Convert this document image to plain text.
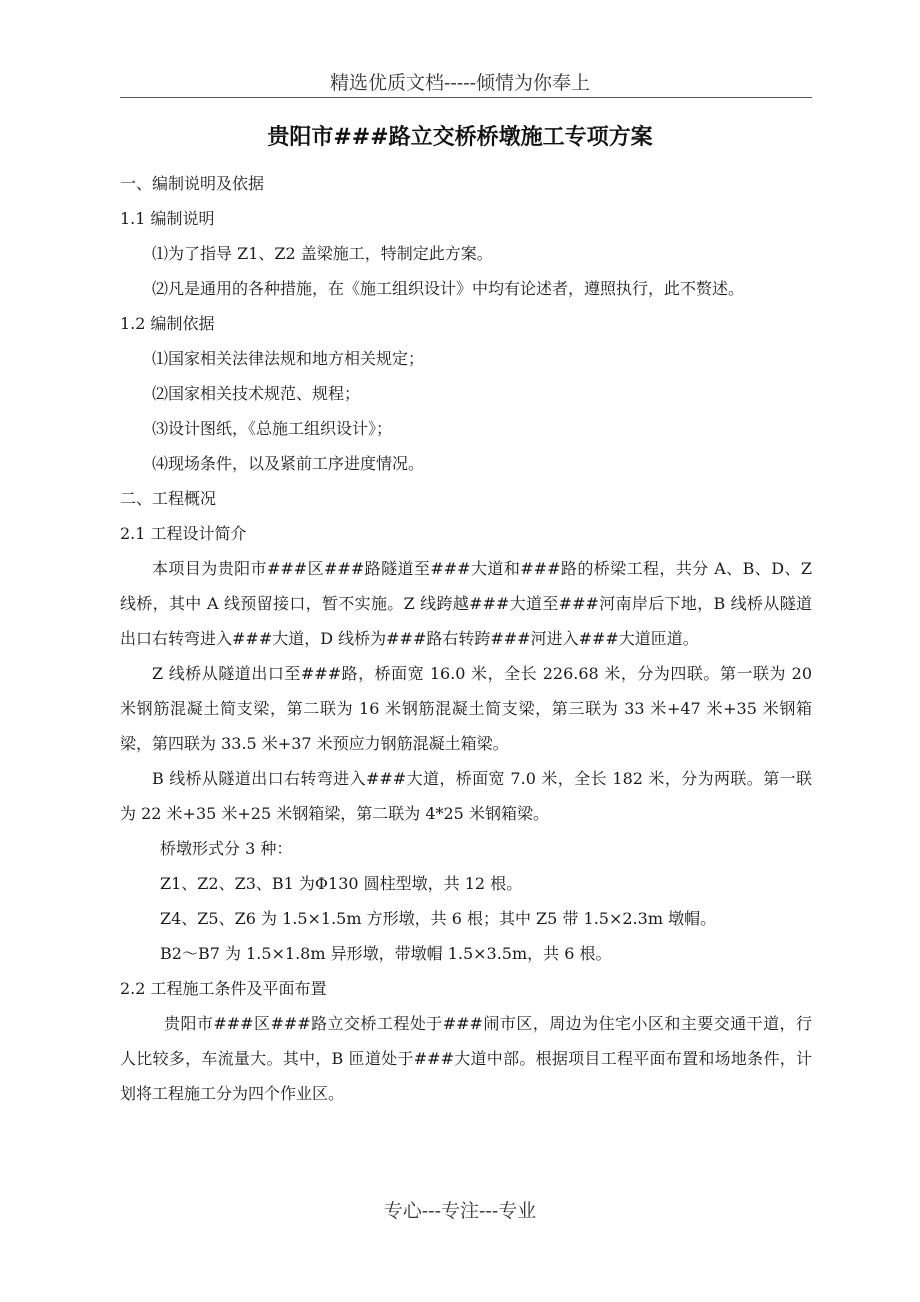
精选优质文档-----倾情为你奉上
贵阳市###路立交桥桥墩施工专项方案
一、编制说明及依据
1.1 编制说明
⑴为了指导 Z1、Z2 盖梁施工，特制定此方案。
⑵凡是通用的各种措施，在《施工组织设计》中均有论述者，遵照执行，此不赘述。
1.2 编制依据
⑴国家相关法律法规和地方相关规定；
⑵国家相关技术规范、规程；
⑶设计图纸，《总施工组织设计》；
⑷现场条件，以及紧前工序进度情况。
二、工程概况
2.1 工程设计简介
本项目为贵阳市###区###路隧道至###大道和###路的桥梁工程，共分 A、B、D、Z 线桥，其中 A 线预留接口，暂不实施。Z 线跨越###大道至###河南岸后下地，B 线桥从隧道出口右转弯进入###大道，D 线桥为###路右转跨###河进入###大道匝道。
Z 线桥从隧道出口至###路，桥面宽 16.0 米，全长 226.68 米，分为四联。第一联为 20 米钢筋混凝土简支梁，第二联为 16 米钢筋混凝土简支梁，第三联为 33 米+47 米+35 米钢箱梁，第四联为 33.5 米+37 米预应力钢筋混凝土箱梁。
B 线桥从隧道出口右转弯进入###大道，桥面宽 7.0 米，全长 182 米，分为两联。第一联为 22 米+35 米+25 米钢箱梁，第二联为 4*25 米钢箱梁。
桥墩形式分 3 种：
Z1、Z2、Z3、B1 为Φ130 圆柱型墩，共 12 根。
Z4、Z5、Z6 为 1.5×1.5m 方形墩，共 6 根；其中 Z5 带 1.5×2.3m 墩帽。
B2～B7 为 1.5×1.8m 异形墩，带墩帽 1.5×3.5m，共 6 根。
2.2 工程施工条件及平面布置
贵阳市###区###路立交桥工程处于###闹市区，周边为住宅小区和主要交通干道，行人比较多，车流量大。其中，B 匝道处于###大道中部。根据项目工程平面布置和场地条件，计划将工程施工分为四个作业区。
专心---专注---专业
